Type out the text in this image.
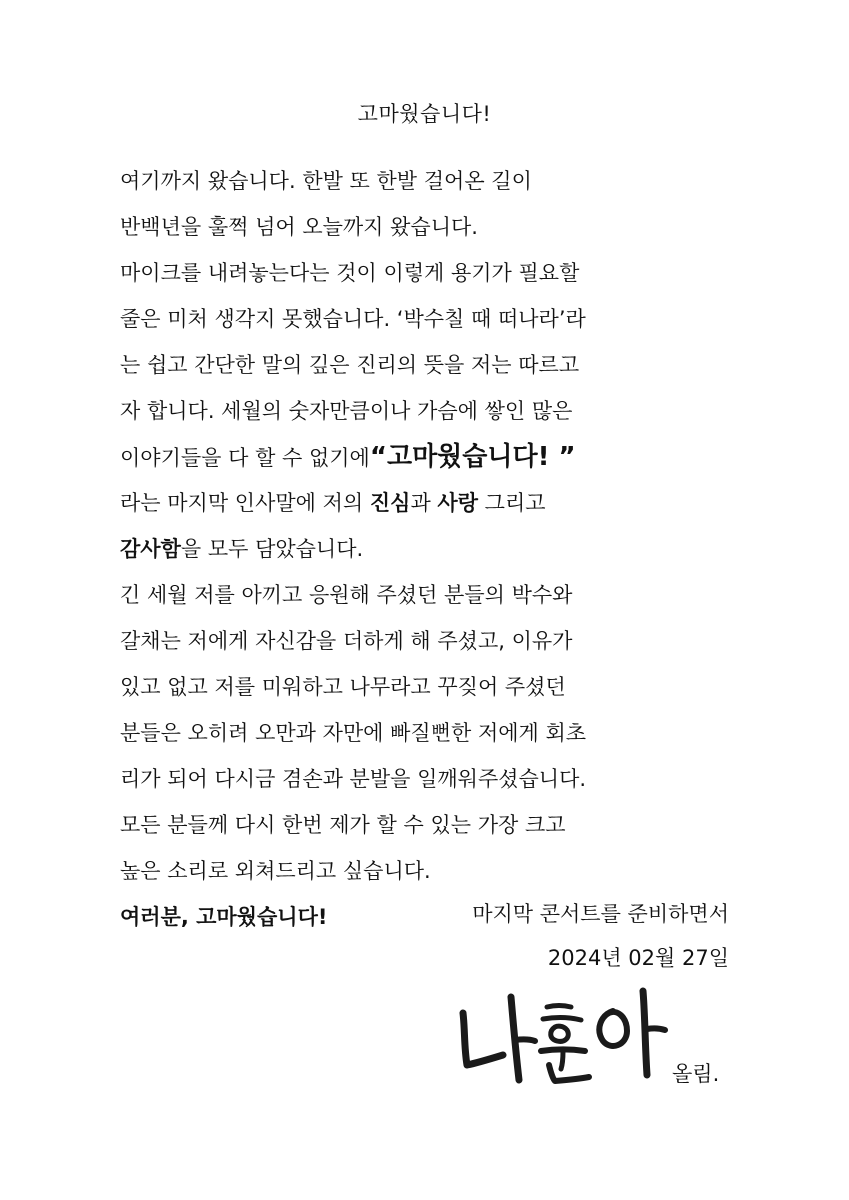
고마웠습니다!
여기까지 왔습니다. 한발 또 한발 걸어온 길이
반백년을 훌쩍 넘어 오늘까지 왔습니다.
마이크를 내려놓는다는 것이 이렇게 용기가 필요할
줄은 미처 생각지 못했습니다. ‘박수칠 때 떠나라’라
는 쉽고 간단한 말의 깊은 진리의 뜻을 저는 따르고
자 합니다. 세월의 숫자만큼이나 가슴에 쌓인 많은
이야기들을 다 할 수 없기에 “고마웠습니다! ”
라는 마지막 인사말에 저의 진심 과 사랑 그리고
감사함 을 모두 담았습니다.
긴 세월 저를 아끼고 응원해 주셨던 분들의 박수와
갈채는 저에게 자신감을 더하게 해 주셨고, 이유가
있고 없고 저를 미워하고 나무라고 꾸짖어 주셨던
분들은 오히려 오만과 자만에 빠질뻔한 저에게 회초
리가 되어 다시금 겸손과 분발을 일깨워주셨습니다.
모든 분들께 다시 한번 제가 할 수 있는 가장 크고
높은 소리로 외쳐드리고 싶습니다.
여러분, 고마웠습니다!	마지막 콘서트를 준비하면서
2024년 02월 27일
올림.
